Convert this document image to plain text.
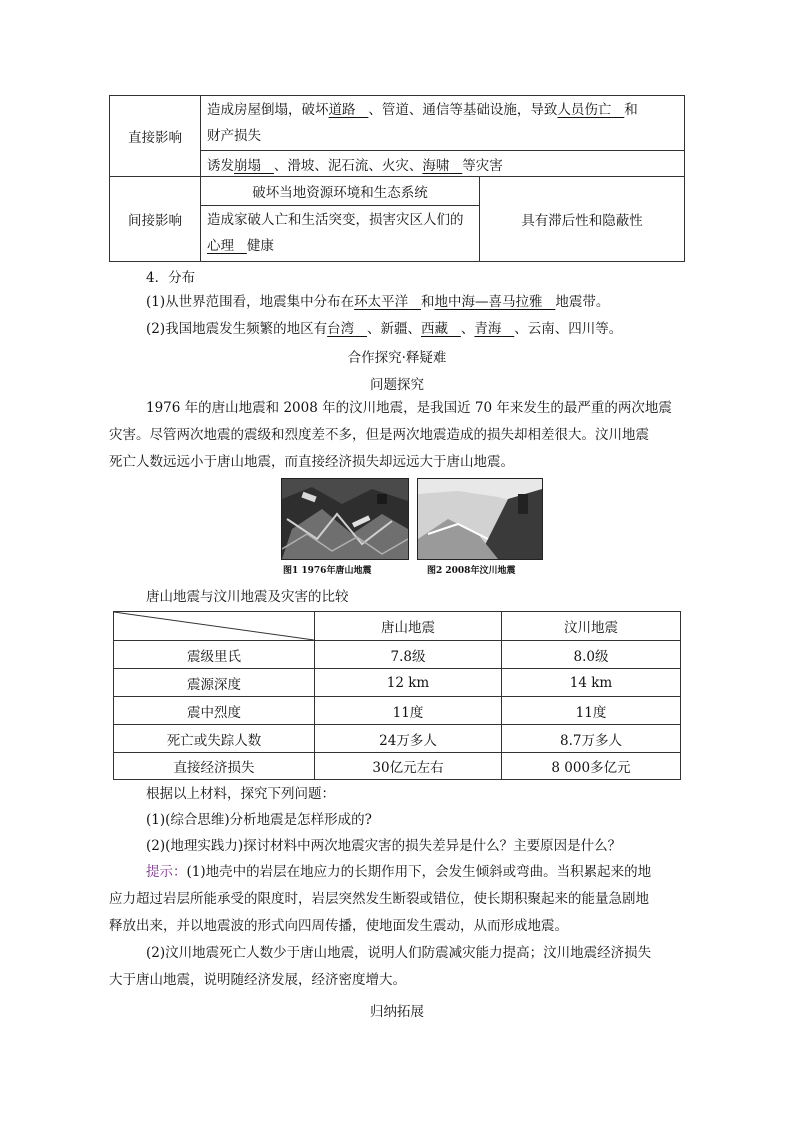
直接影响	造成房屋倒塌，破坏道路 、管道、通信等基础设施，导致人员伤亡 和
财产损失	
	诱发崩塌 、滑坡、泥石流、火灾、海啸 等灾害	
间接影响	破坏当地资源环境和生态系统	具有滞后性和隐蔽性
	造成家破人亡和生活突变，损害灾区人们的
心理 健康	
4．分布
(1)从世界范围看，地震集中分布在环太平洋 和地中海—喜马拉雅 地震带。
(2)我国地震发生频繁的地区有台湾 、新疆、西藏 、青海 、云南、四川等。
合作探究·释疑难
问题探究
1976 年的唐山地震和 2008 年的汶川地震，是我国近 70 年来发生的最严重的两次地震
灾害。尽管两次地震的震级和烈度差不多，但是两次地震造成的损失却相差很大。汶川地震
死亡人数远远小于唐山地震，而直接经济损失却远远大于唐山地震。
图1 1976年唐山地震	图2 2008年汶川地震
唐山地震与汶川地震及灾害的比较
	唐山地震	汶川地震
震级里氏	7.8级	8.0级
震源深度	12 km	14 km
震中烈度	11度	11度
死亡或失踪人数	24万多人	8.7万多人
直接经济损失	30亿元左右	8 000多亿元
根据以上材料，探究下列问题：
(1)(综合思维)分析地震是怎样形成的?
(2)(地理实践力)探讨材料中两次地震灾害的损失差异是什么？主要原因是什么？
提示：(1)地壳中的岩层在地应力的长期作用下，会发生倾斜或弯曲。当积累起来的地
应力超过岩层所能承受的限度时，岩层突然发生断裂或错位，使长期积聚起来的能量急剧地
释放出来，并以地震波的形式向四周传播，使地面发生震动，从而形成地震。
(2)汶川地震死亡人数少于唐山地震，说明人们防震减灾能力提高；汶川地震经济损失
大于唐山地震，说明随经济发展，经济密度增大。
归纳拓展
